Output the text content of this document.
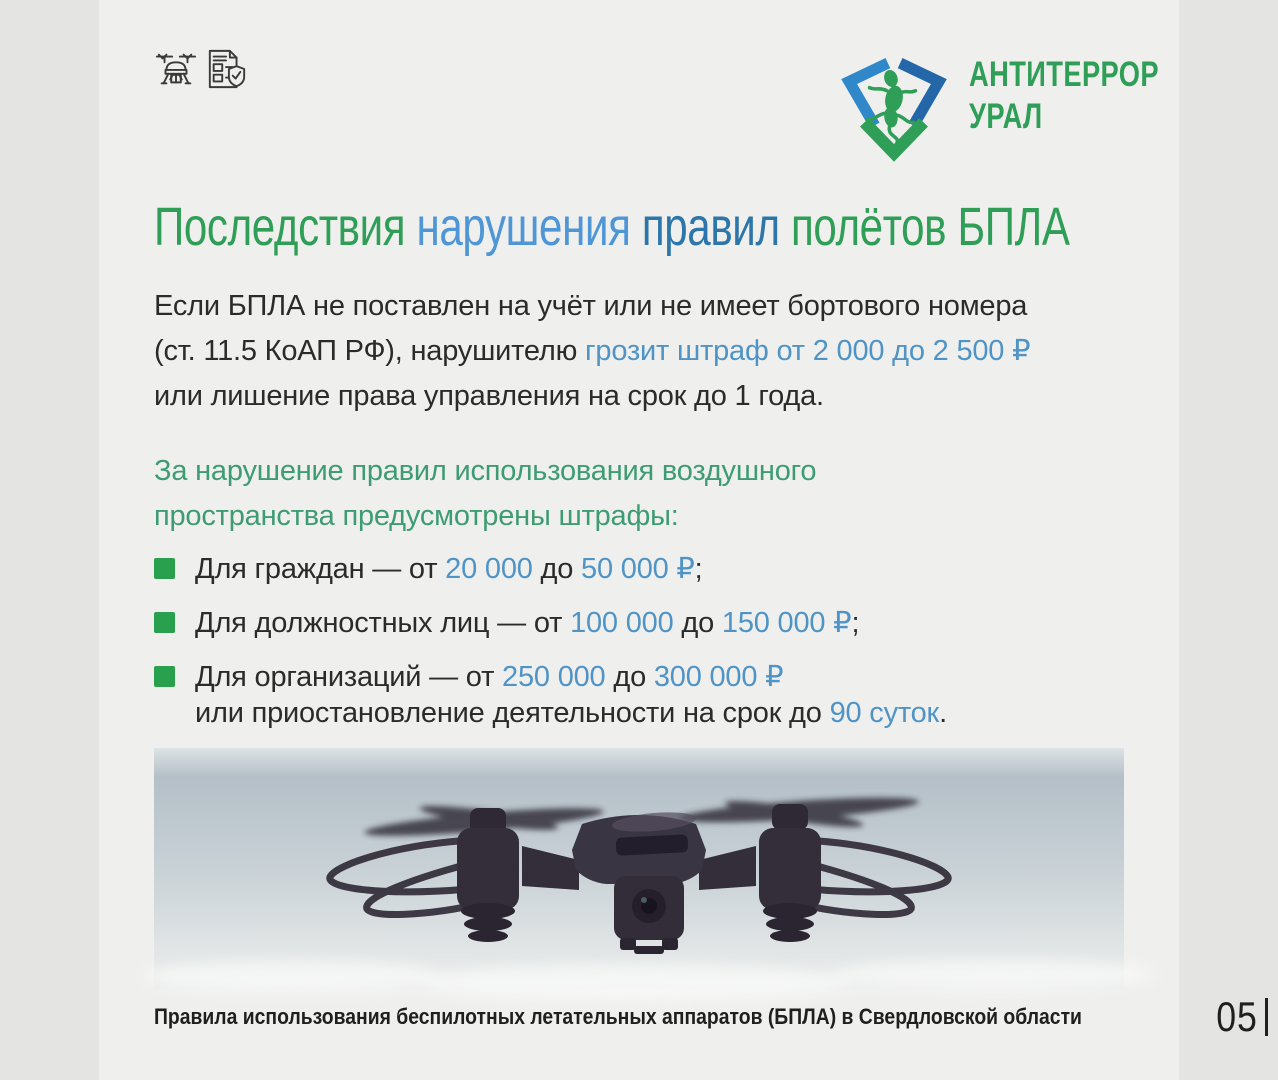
АНТИТЕРРОР
УРАЛ
Последствия нарушения правил полётов БПЛА

Если БПЛА не поставлен на учёт или не имеет бортового номера
(ст. 11.5 КоАП РФ), нарушителю грозит штраф от 2 000 до 2 500 ₽
или лишение права управления на срок до 1 года.

За нарушение правил использования воздушного
пространства предусмотрены штрафы:

Для граждан — от 20 000 до 50 000 ₽;
Для должностных лиц — от 100 000 до 150 000 ₽;
Для организаций — от 250 000 до 300 000 ₽
или приостановление деятельности на срок до 90 суток.
Правила использования беспилотных летательных аппаратов (БПЛА) в Свердловской области	05
